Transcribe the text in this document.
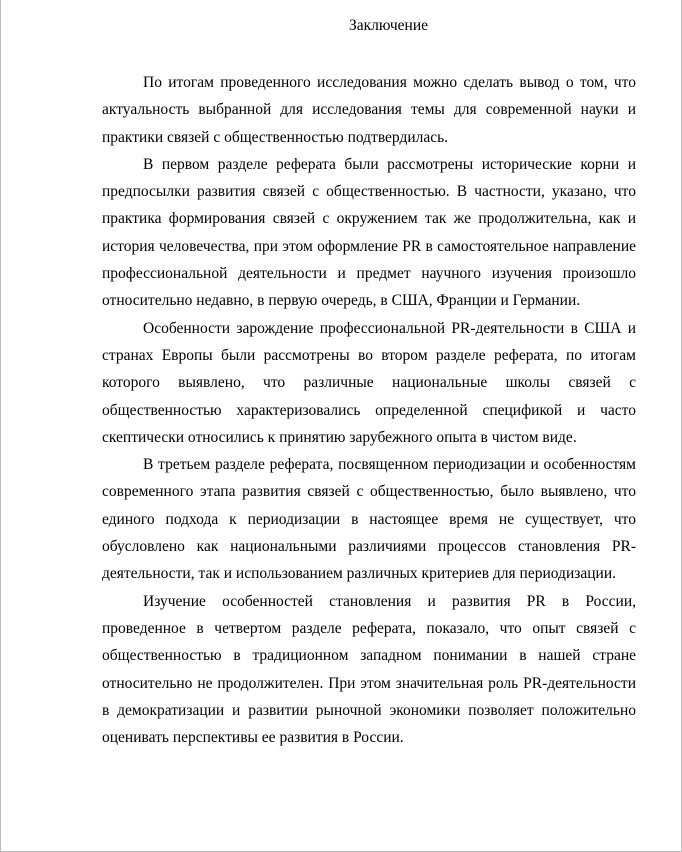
Заключение

По итогам проведенного исследования можно сделать вывод о том, что актуальность выбранной для исследования темы для современной науки и практики связей с общественностью подтвердилась.

В первом разделе реферата были рассмотрены исторические корни и предпосылки развития связей с общественностью. В частности, указано, что практика формирования связей с окружением так же продолжительна, как и история человечества, при этом оформление PR в самостоятельное направление профессиональной деятельности и предмет научного изучения произошло относительно недавно, в первую очередь, в США, Франции и Германии.

Особенности зарождение профессиональной PR-деятельности в США и странах Европы были рассмотрены во втором разделе реферата, по итогам которого выявлено, что различные национальные школы связей с общественностью характеризовались определенной спецификой и часто скептически относились к принятию зарубежного опыта в чистом виде.

В третьем разделе реферата, посвященном периодизации и особенностям современного этапа развития связей с общественностью, было выявлено, что единого подхода к периодизации в настоящее время не существует, что обусловлено как национальными различиями процессов становления PR-деятельности, так и использованием различных критериев для периодизации.

Изучение особенностей становления и развития PR в России, проведенное в четвертом разделе реферата, показало, что опыт связей с общественностью в традиционном западном понимании в нашей стране относительно не продолжителен. При этом значительная роль PR-деятельности в демократизации и развитии рыночной экономики позволяет положительно оценивать перспективы ее развития в России.
